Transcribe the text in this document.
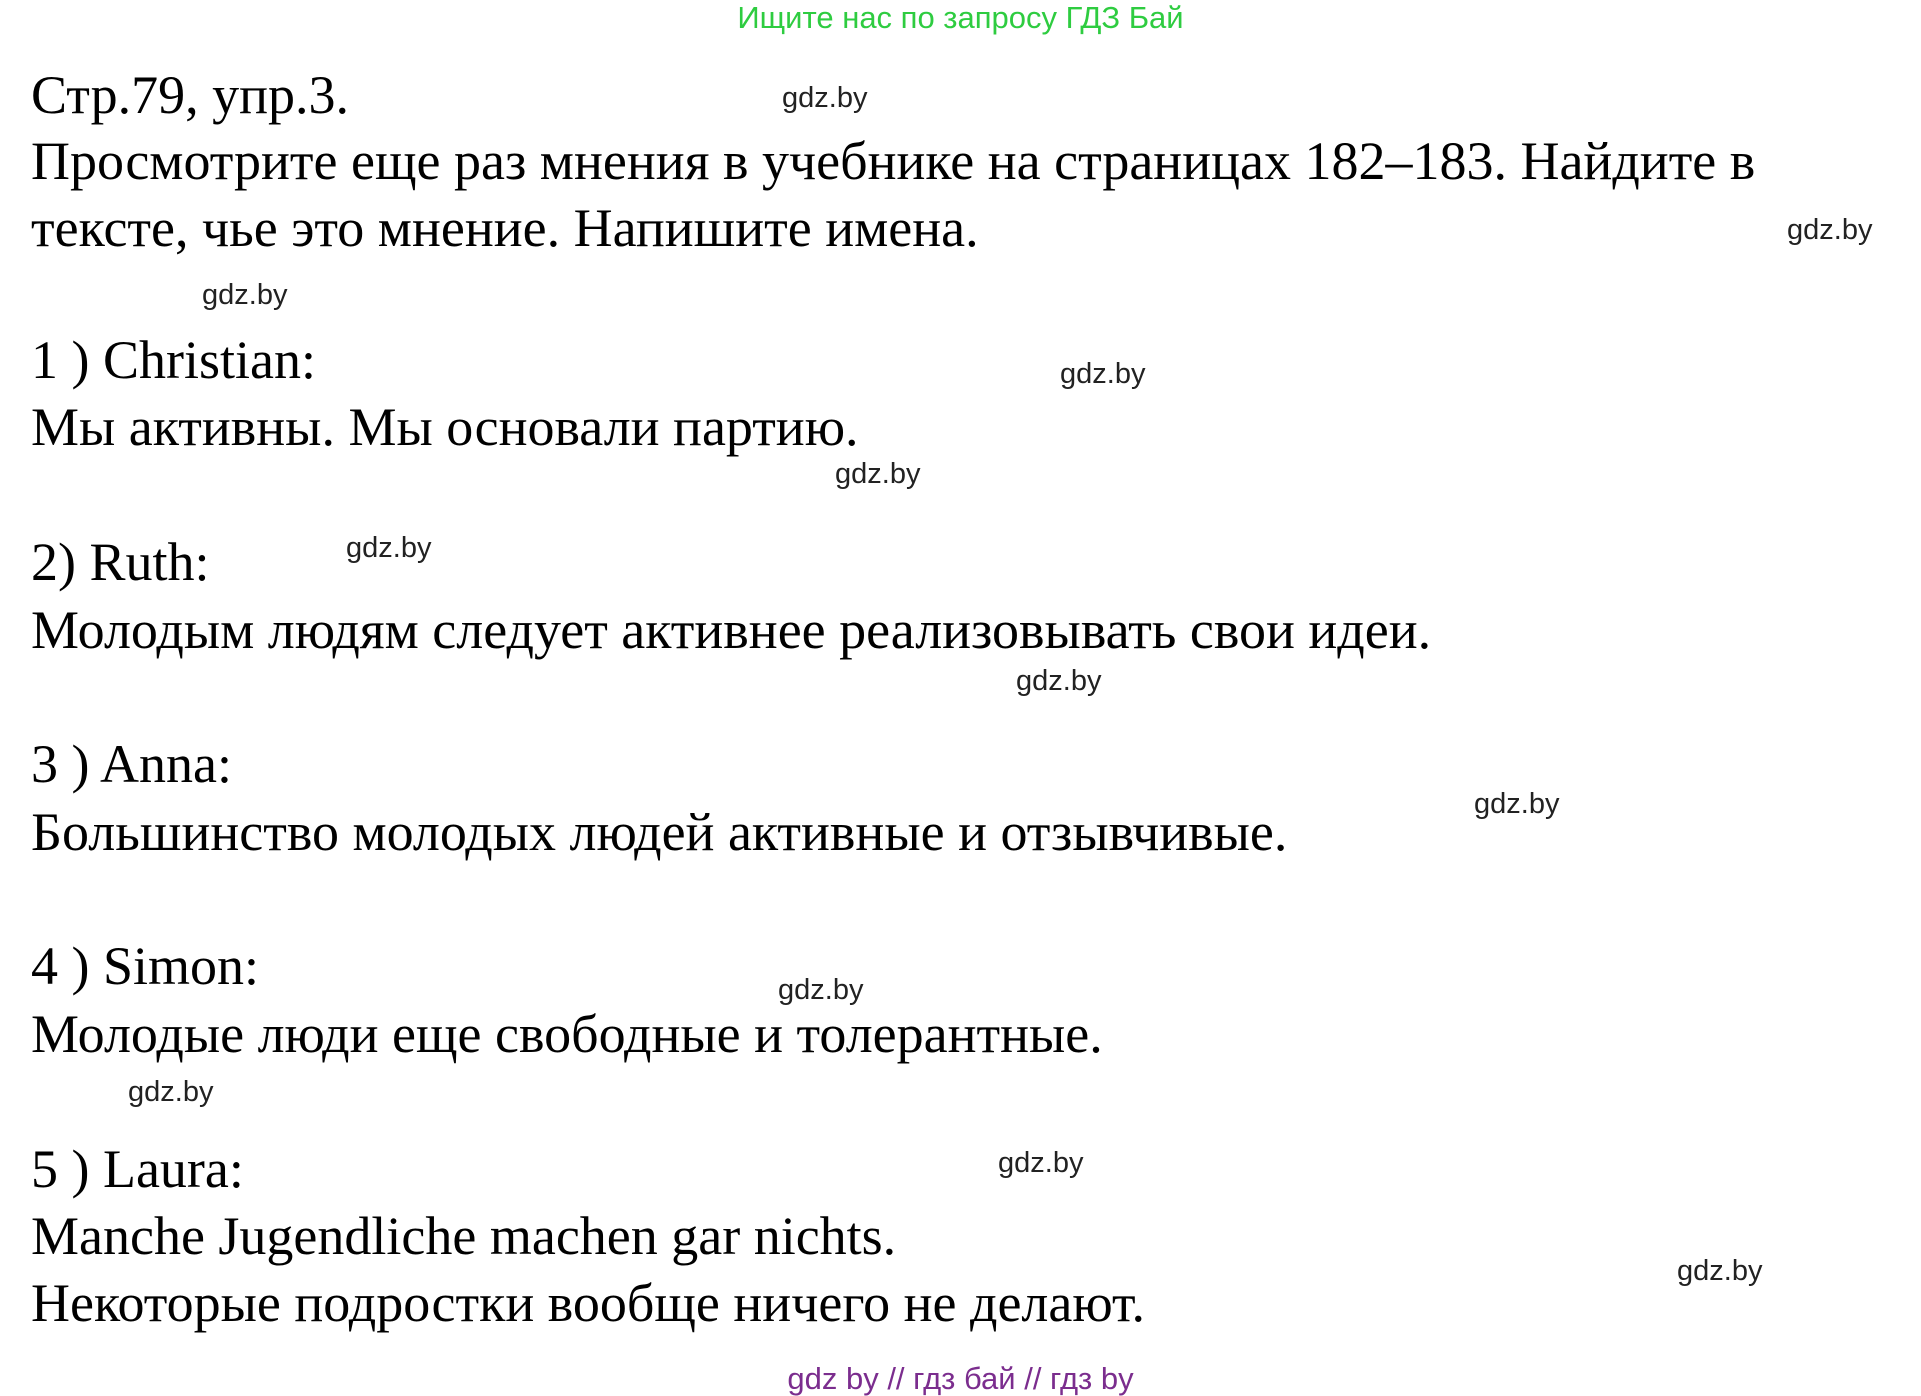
Ищите нас по запросу ГДЗ Бай
Стр.79, упр.3.
Просмотрите еще раз мнения в учебнике на страницах 182–183. Найдите в
тексте, чье это мнение. Напишите имена.
1 ) Christian:
Мы активны. Мы основали партию.
2) Ruth:
Молодым людям следует активнее реализовывать свои идеи.
3 ) Anna:
Большинство молодых людей активные и отзывчивые.
4 ) Simon:
Молодые люди еще свободные и толерантные.
5 ) Laura:
Manche Jugendliche machen gar nichts.
Некоторые подростки вообще ничего не делают.
gdz.by
gdz.by
gdz.by
gdz.by
gdz.by
gdz.by
gdz.by
gdz.by
gdz.by
gdz.by
gdz.by
gdz.by
gdz by // гдз бай // гдз by
